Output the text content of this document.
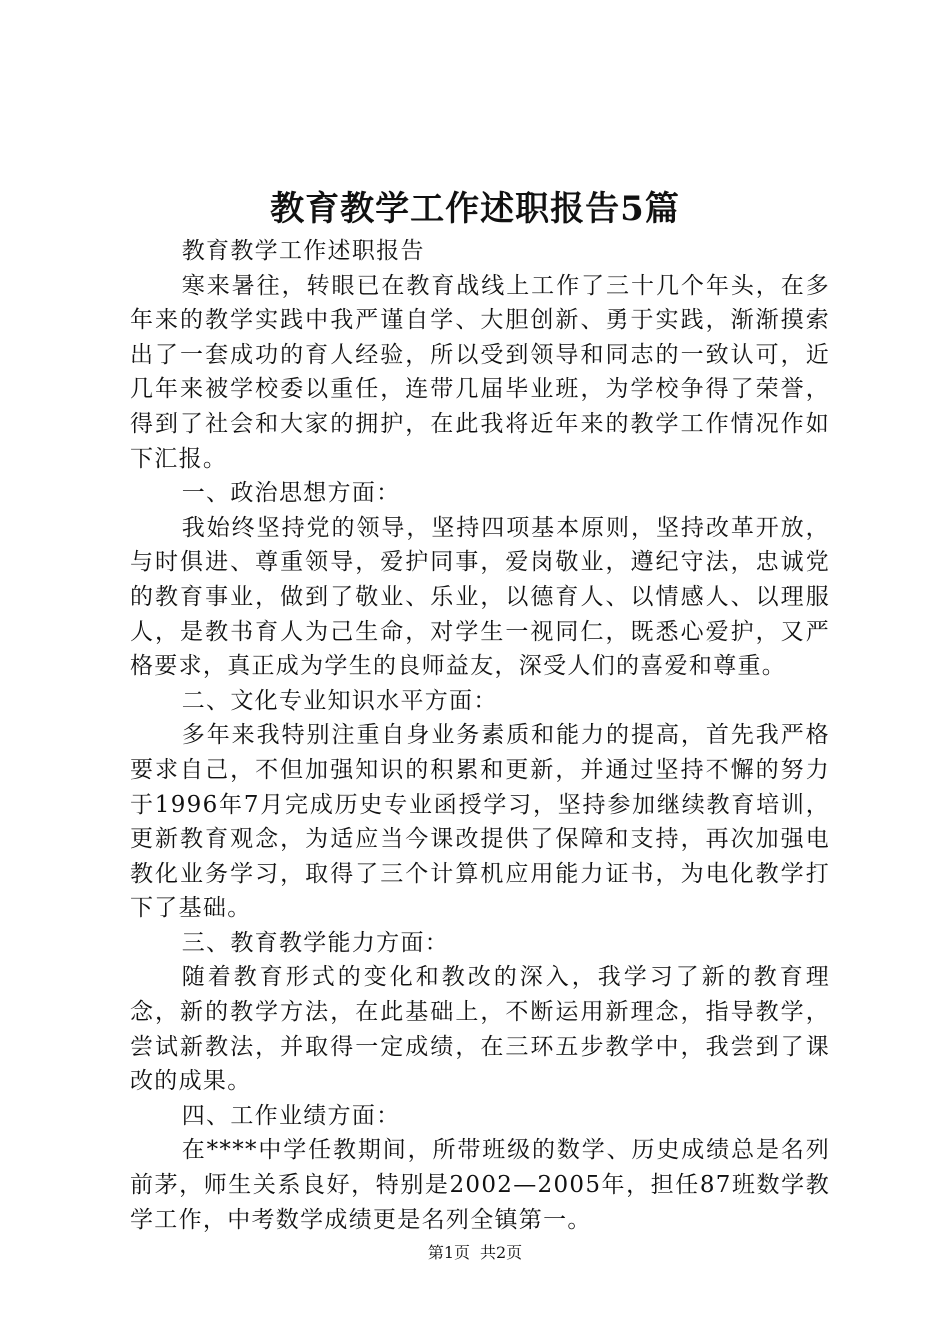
教育教学工作述职报告5篇

教育教学工作述职报告

寒来暑往，转眼已在教育战线上工作了三十几个年头，在多年来的教学实践中我严谨自学、大胆创新、勇于实践，渐渐摸索出了一套成功的育人经验，所以受到领导和同志的一致认可，近几年来被学校委以重任，连带几届毕业班，为学校争得了荣誉，得到了社会和大家的拥护，在此我将近年来的教学工作情况作如下汇报。

一、政治思想方面：

我始终坚持党的领导，坚持四项基本原则，坚持改革开放，与时俱进、尊重领导，爱护同事，爱岗敬业，遵纪守法，忠诚党的教育事业，做到了敬业、乐业，以德育人、以情感人、以理服人，是教书育人为己生命，对学生一视同仁，既悉心爱护，又严格要求，真正成为学生的良师益友，深受人们的喜爱和尊重。

二、文化专业知识水平方面：

多年来我特别注重自身业务素质和能力的提高，首先我严格要求自己，不但加强知识的积累和更新，并通过坚持不懈的努力于1996年7月完成历史专业函授学习，坚持参加继续教育培训，更新教育观念，为适应当今课改提供了保障和支持，再次加强电教化业务学习，取得了三个计算机应用能力证书，为电化教学打下了基础。

三、教育教学能力方面：

随着教育形式的变化和教改的深入，我学习了新的教育理念，新的教学方法，在此基础上，不断运用新理念，指导教学，尝试新教法，并取得一定成绩，在三环五步教学中，我尝到了课改的成果。

四、工作业绩方面：

在****中学任教期间，所带班级的数学、历史成绩总是名列前茅，师生关系良好，特别是2002—2005年，担任87班数学教学工作，中考数学成绩更是名列全镇第一。

第1页 共2页
